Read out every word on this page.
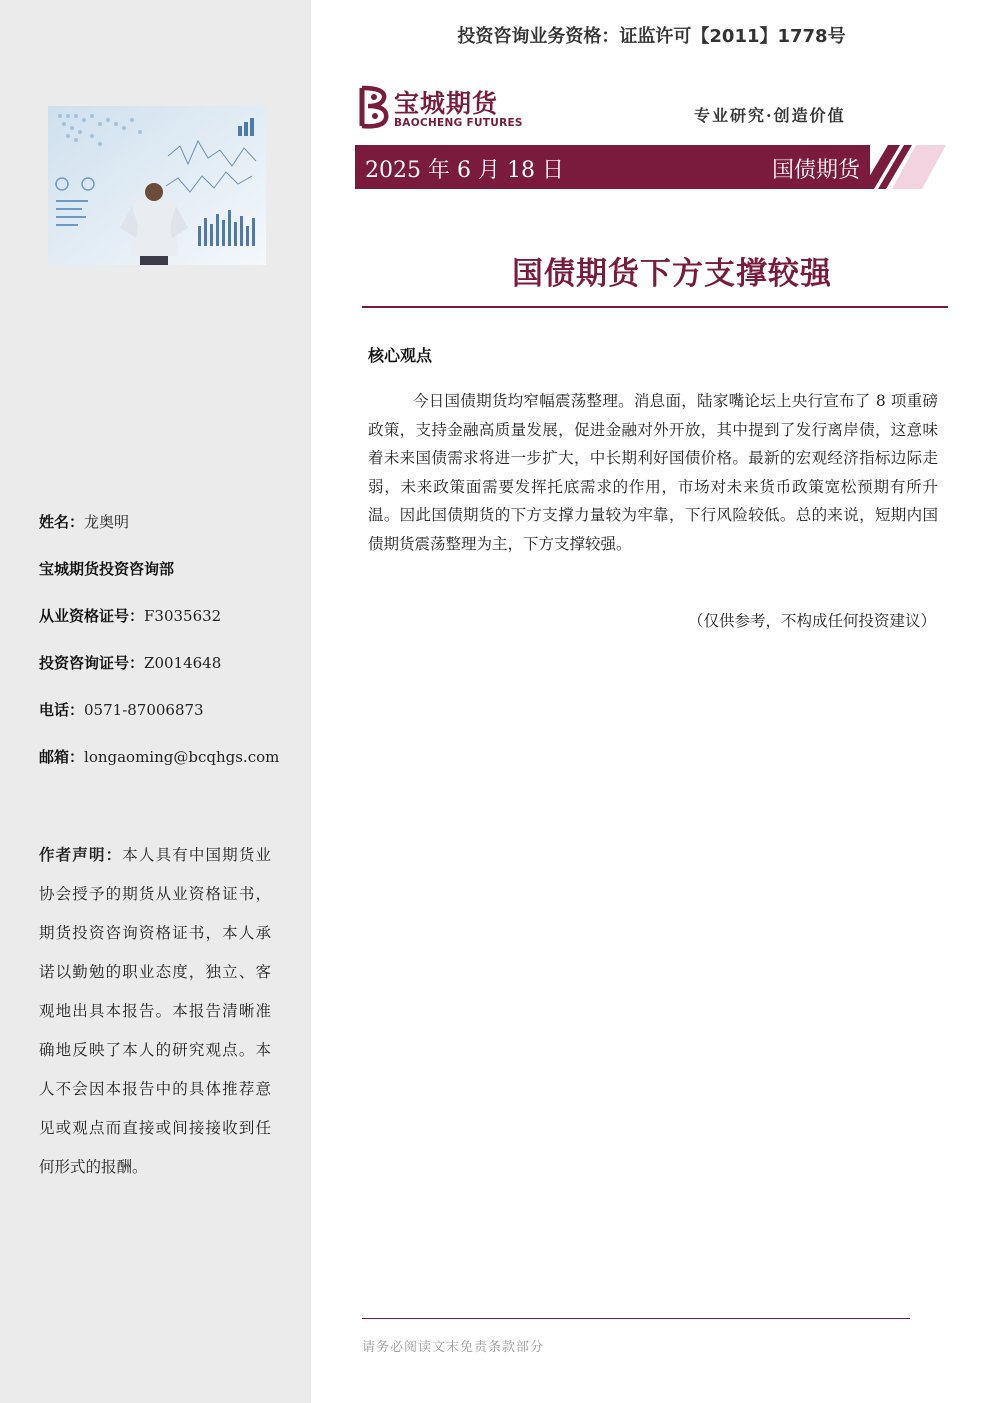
姓名：龙奥明
宝城期货投资咨询部
从业资格证号：F3035632
投资咨询证号：Z0014648
电话：0571-87006873
邮箱：longaoming@bcqhgs.com
作者声明：本人具有中国期货业协会授予的期货从业资格证书，期货投资咨询资格证书，本人承诺以勤勉的职业态度，独立、客观地出具本报告。本报告清晰准确地反映了本人的研究观点。本人不会因本报告中的具体推荐意见或观点而直接或间接接收到任何形式的报酬。
投资咨询业务资格：证监许可【2011】1778号
宝城期货
BAOCHENG FUTURES	专业研究·创造价值
2025 年 6 月 18 日	国债期货
国债期货下方支撑较强
核心观点
今日国债期货均窄幅震荡整理。消息面，陆家嘴论坛上央行宣布了 8 项重磅政策，支持金融高质量发展，促进金融对外开放，其中提到了发行离岸债，这意味着未来国债需求将进一步扩大，中长期利好国债价格。最新的宏观经济指标边际走弱，未来政策面需要发挥托底需求的作用，市场对未来货币政策宽松预期有所升温。因此国债期货的下方支撑力量较为牢靠，下行风险较低。总的来说，短期内国债期货震荡整理为主，下方支撑较强。
（仅供参考，不构成任何投资建议）
请务必阅读文末免责条款部分
